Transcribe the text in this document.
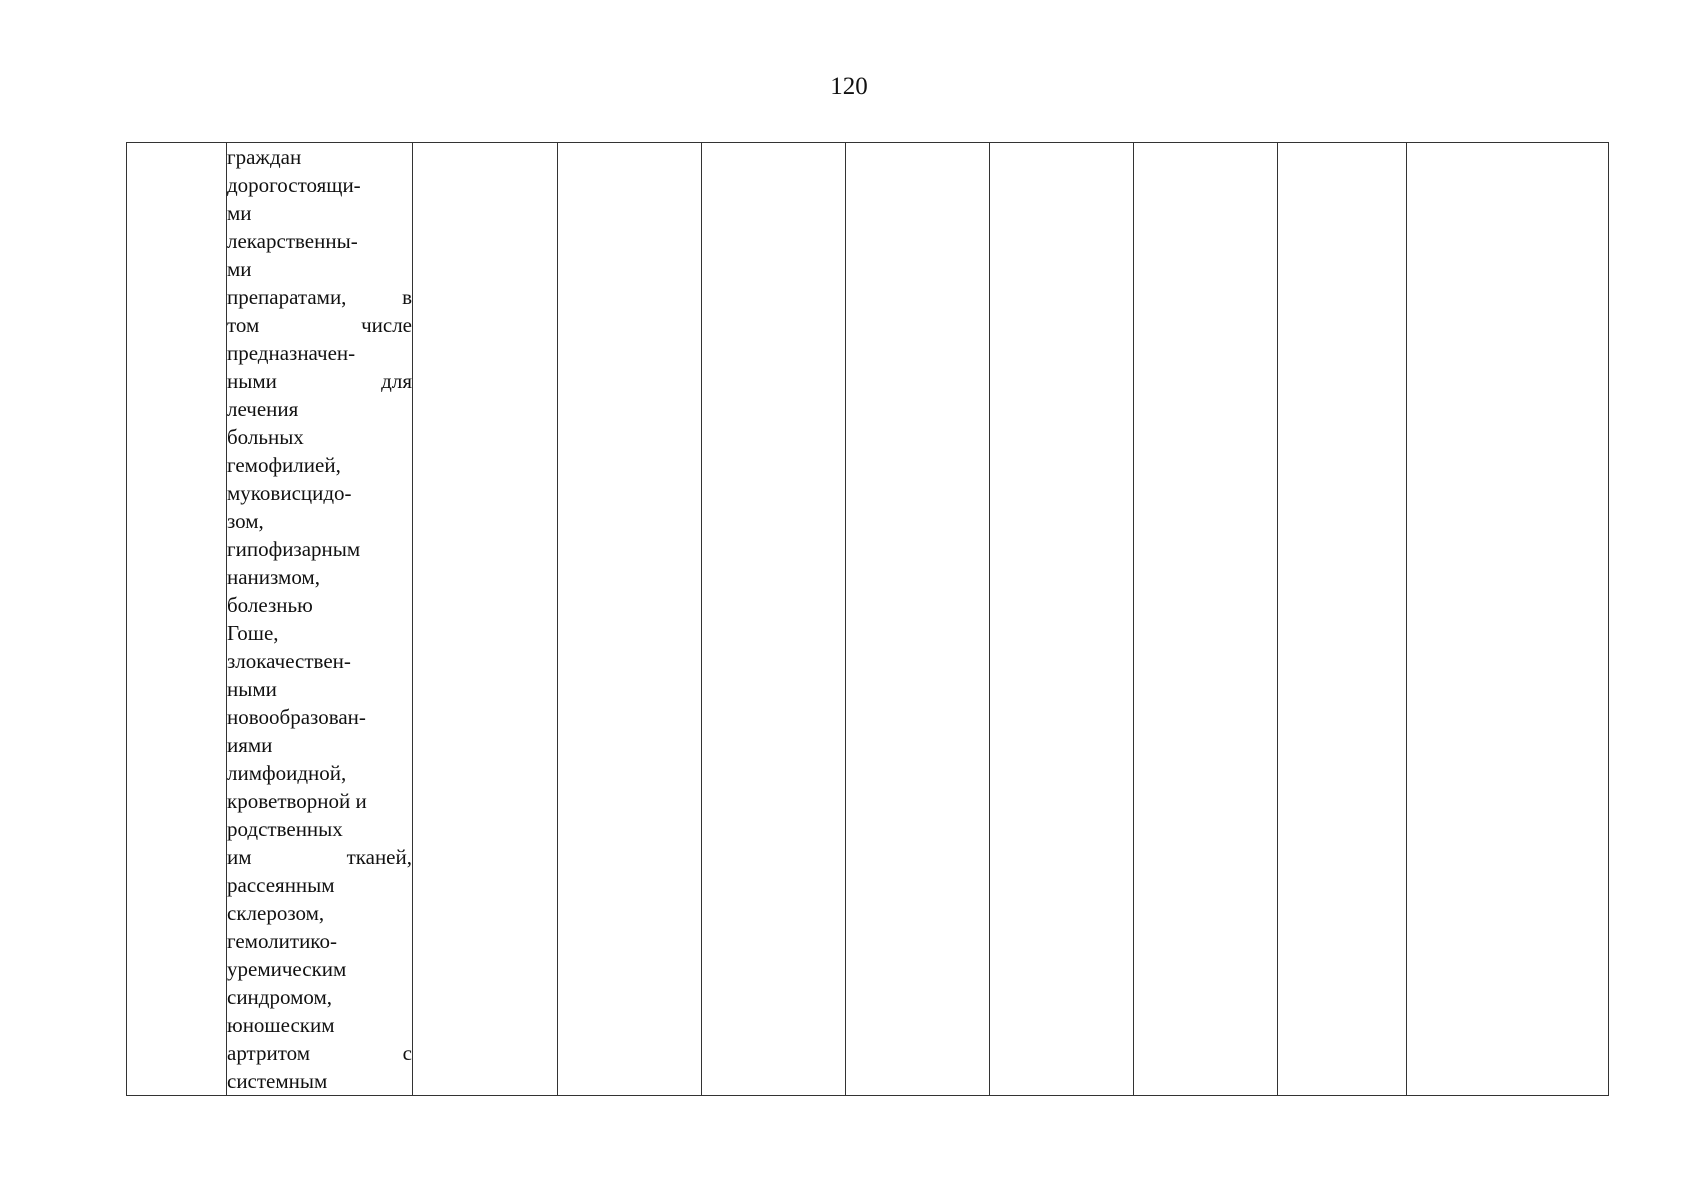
120

граждан
дорогостоящи-
ми
лекарственны-
ми
препаратами,	в
том	числе
предназначен-
ными	для
лечения
больных
гемофилией,
муковисцидо-
зом,
гипофизарным
нанизмом,
болезнью
Гоше,
злокачествен-
ными
новообразован-
иями
лимфоидной,
кроветворной и
родственных
им	тканей,
рассеянным
склерозом,
гемолитико-
уремическим
синдромом,
юношеским
артритом	с
системным
